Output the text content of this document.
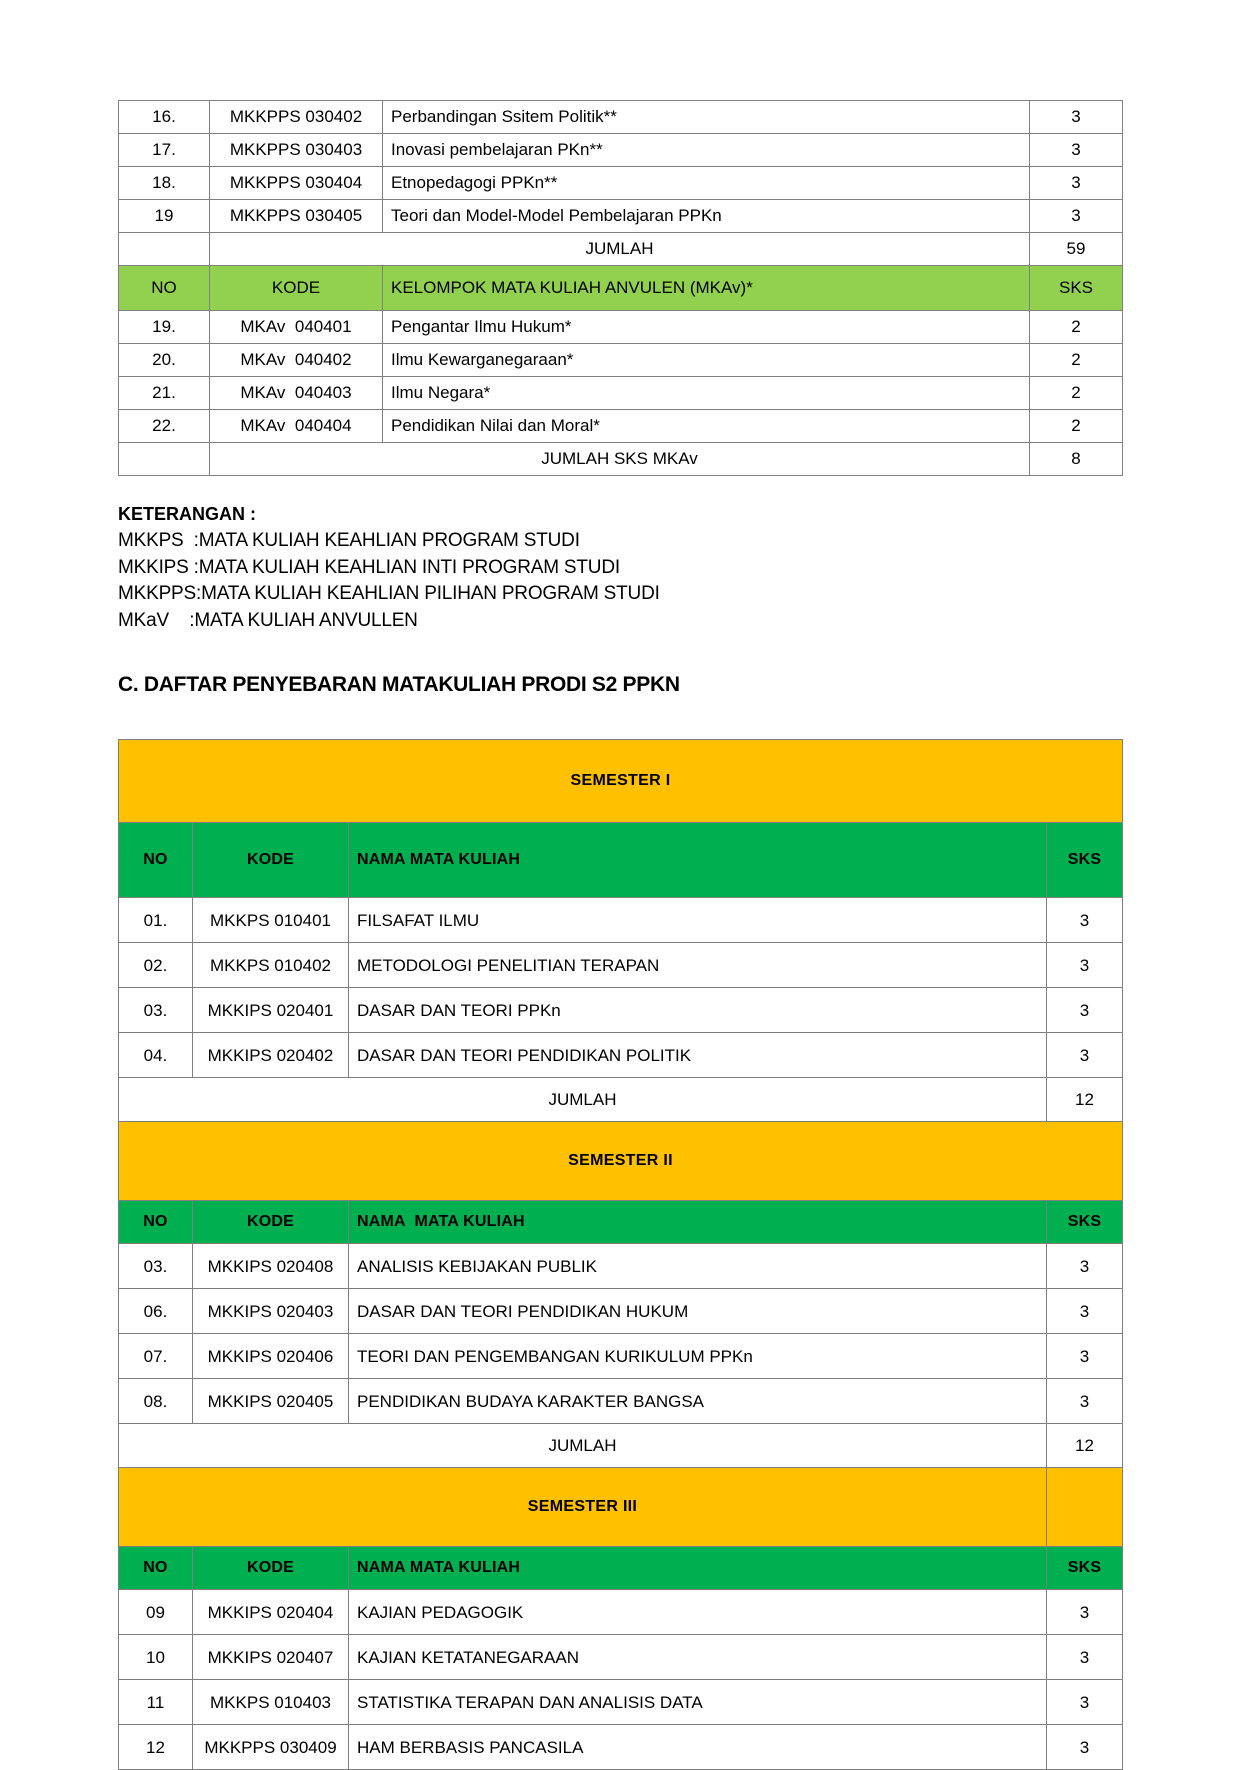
16.	MKKPPS 030402	Perbandingan Ssitem Politik**	3
17.	MKKPPS 030403	Inovasi pembelajaran PKn**	3
18.	MKKPPS 030404	Etnopedagogi PPKn**	3
19	MKKPPS 030405	Teori dan Model-Model Pembelajaran PPKn	3
	JUMLAH		59
NO	KODE	KELOMPOK MATA KULIAH ANVULEN (MKAv)*	SKS
19.	MKAv  040401	Pengantar Ilmu Hukum*	2
20.	MKAv  040402	Ilmu Kewarganegaraan*	2
21.	MKAv  040403	Ilmu Negara*	2
22.	MKAv  040404	Pendidikan Nilai dan Moral*	2
	JUMLAH SKS MKAv		8
KETERANGAN :
MKKPS  :MATA KULIAH KEAHLIAN PROGRAM STUDI
MKKIPS :MATA KULIAH KEAHLIAN INTI PROGRAM STUDI
MKKPPS:MATA KULIAH KEAHLIAN PILIHAN PROGRAM STUDI
MKaV    :MATA KULIAH ANVULLEN
C. DAFTAR PENYEBARAN MATAKULIAH PRODI S2 PPKN
SEMESTER I			
NO	KODE	NAMA MATA KULIAH	SKS
01.	MKKPS 010401	FILSAFAT ILMU	3
02.	MKKPS 010402	METODOLOGI PENELITIAN TERAPAN	3
03.	MKKIPS 020401	DASAR DAN TEORI PPKn	3
04.	MKKIPS 020402	DASAR DAN TEORI PENDIDIKAN POLITIK	3
JUMLAH			12
SEMESTER II			
NO	KODE	NAMA  MATA KULIAH	SKS
03.	MKKIPS 020408	ANALISIS KEBIJAKAN PUBLIK	3
06.	MKKIPS 020403	DASAR DAN TEORI PENDIDIKAN HUKUM	3
07.	MKKIPS 020406	TEORI DAN PENGEMBANGAN KURIKULUM PPKn	3
08.	MKKIPS 020405	PENDIDIKAN BUDAYA KARAKTER BANGSA	3
JUMLAH			12
SEMESTER III			
NO	KODE	NAMA MATA KULIAH	SKS
09	MKKIPS 020404	KAJIAN PEDAGOGIK	3
10	MKKIPS 020407	KAJIAN KETATANEGARAAN	3
11	MKKPS 010403	STATISTIKA TERAPAN DAN ANALISIS DATA	3
12	MKKPPS 030409	HAM BERBASIS PANCASILA	3
